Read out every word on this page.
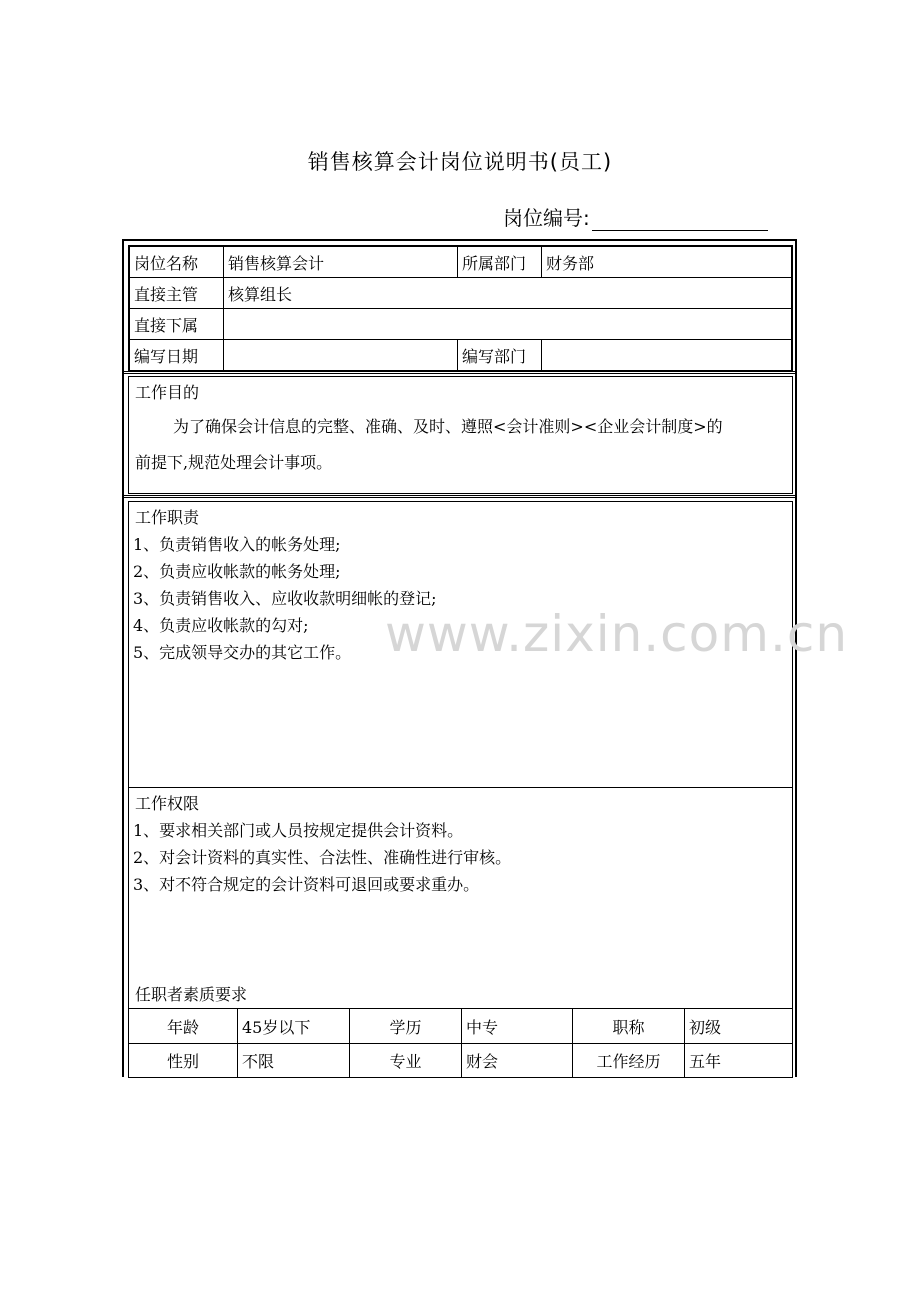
销售核算会计岗位说明书(员工)
岗位编号:
岗位名称	销售核算会计	所属部门	财务部
直接主管	核算组长		
直接下属			
编写日期		编写部门	
工作目的
为了确保会计信息的完整、准确、及时、遵照<会计准则><企业会计制度>的
前提下,规范处理会计事项。
工作职责
1、负责销售收入的帐务处理;
2、负责应收帐款的帐务处理;
3、负责销售收入、应收收款明细帐的登记;
4、负责应收帐款的勾对;
5、完成领导交办的其它工作。
工作权限
1、要求相关部门或人员按规定提供会计资料。
2、对会计资料的真实性、合法性、准确性进行审核。
3、对不符合规定的会计资料可退回或要求重办。
任职者素质要求
年龄	45岁以下	学历	中专	职称	初级
性别	不限	专业	财会	工作经历	五年
www.zixin.com.cn
